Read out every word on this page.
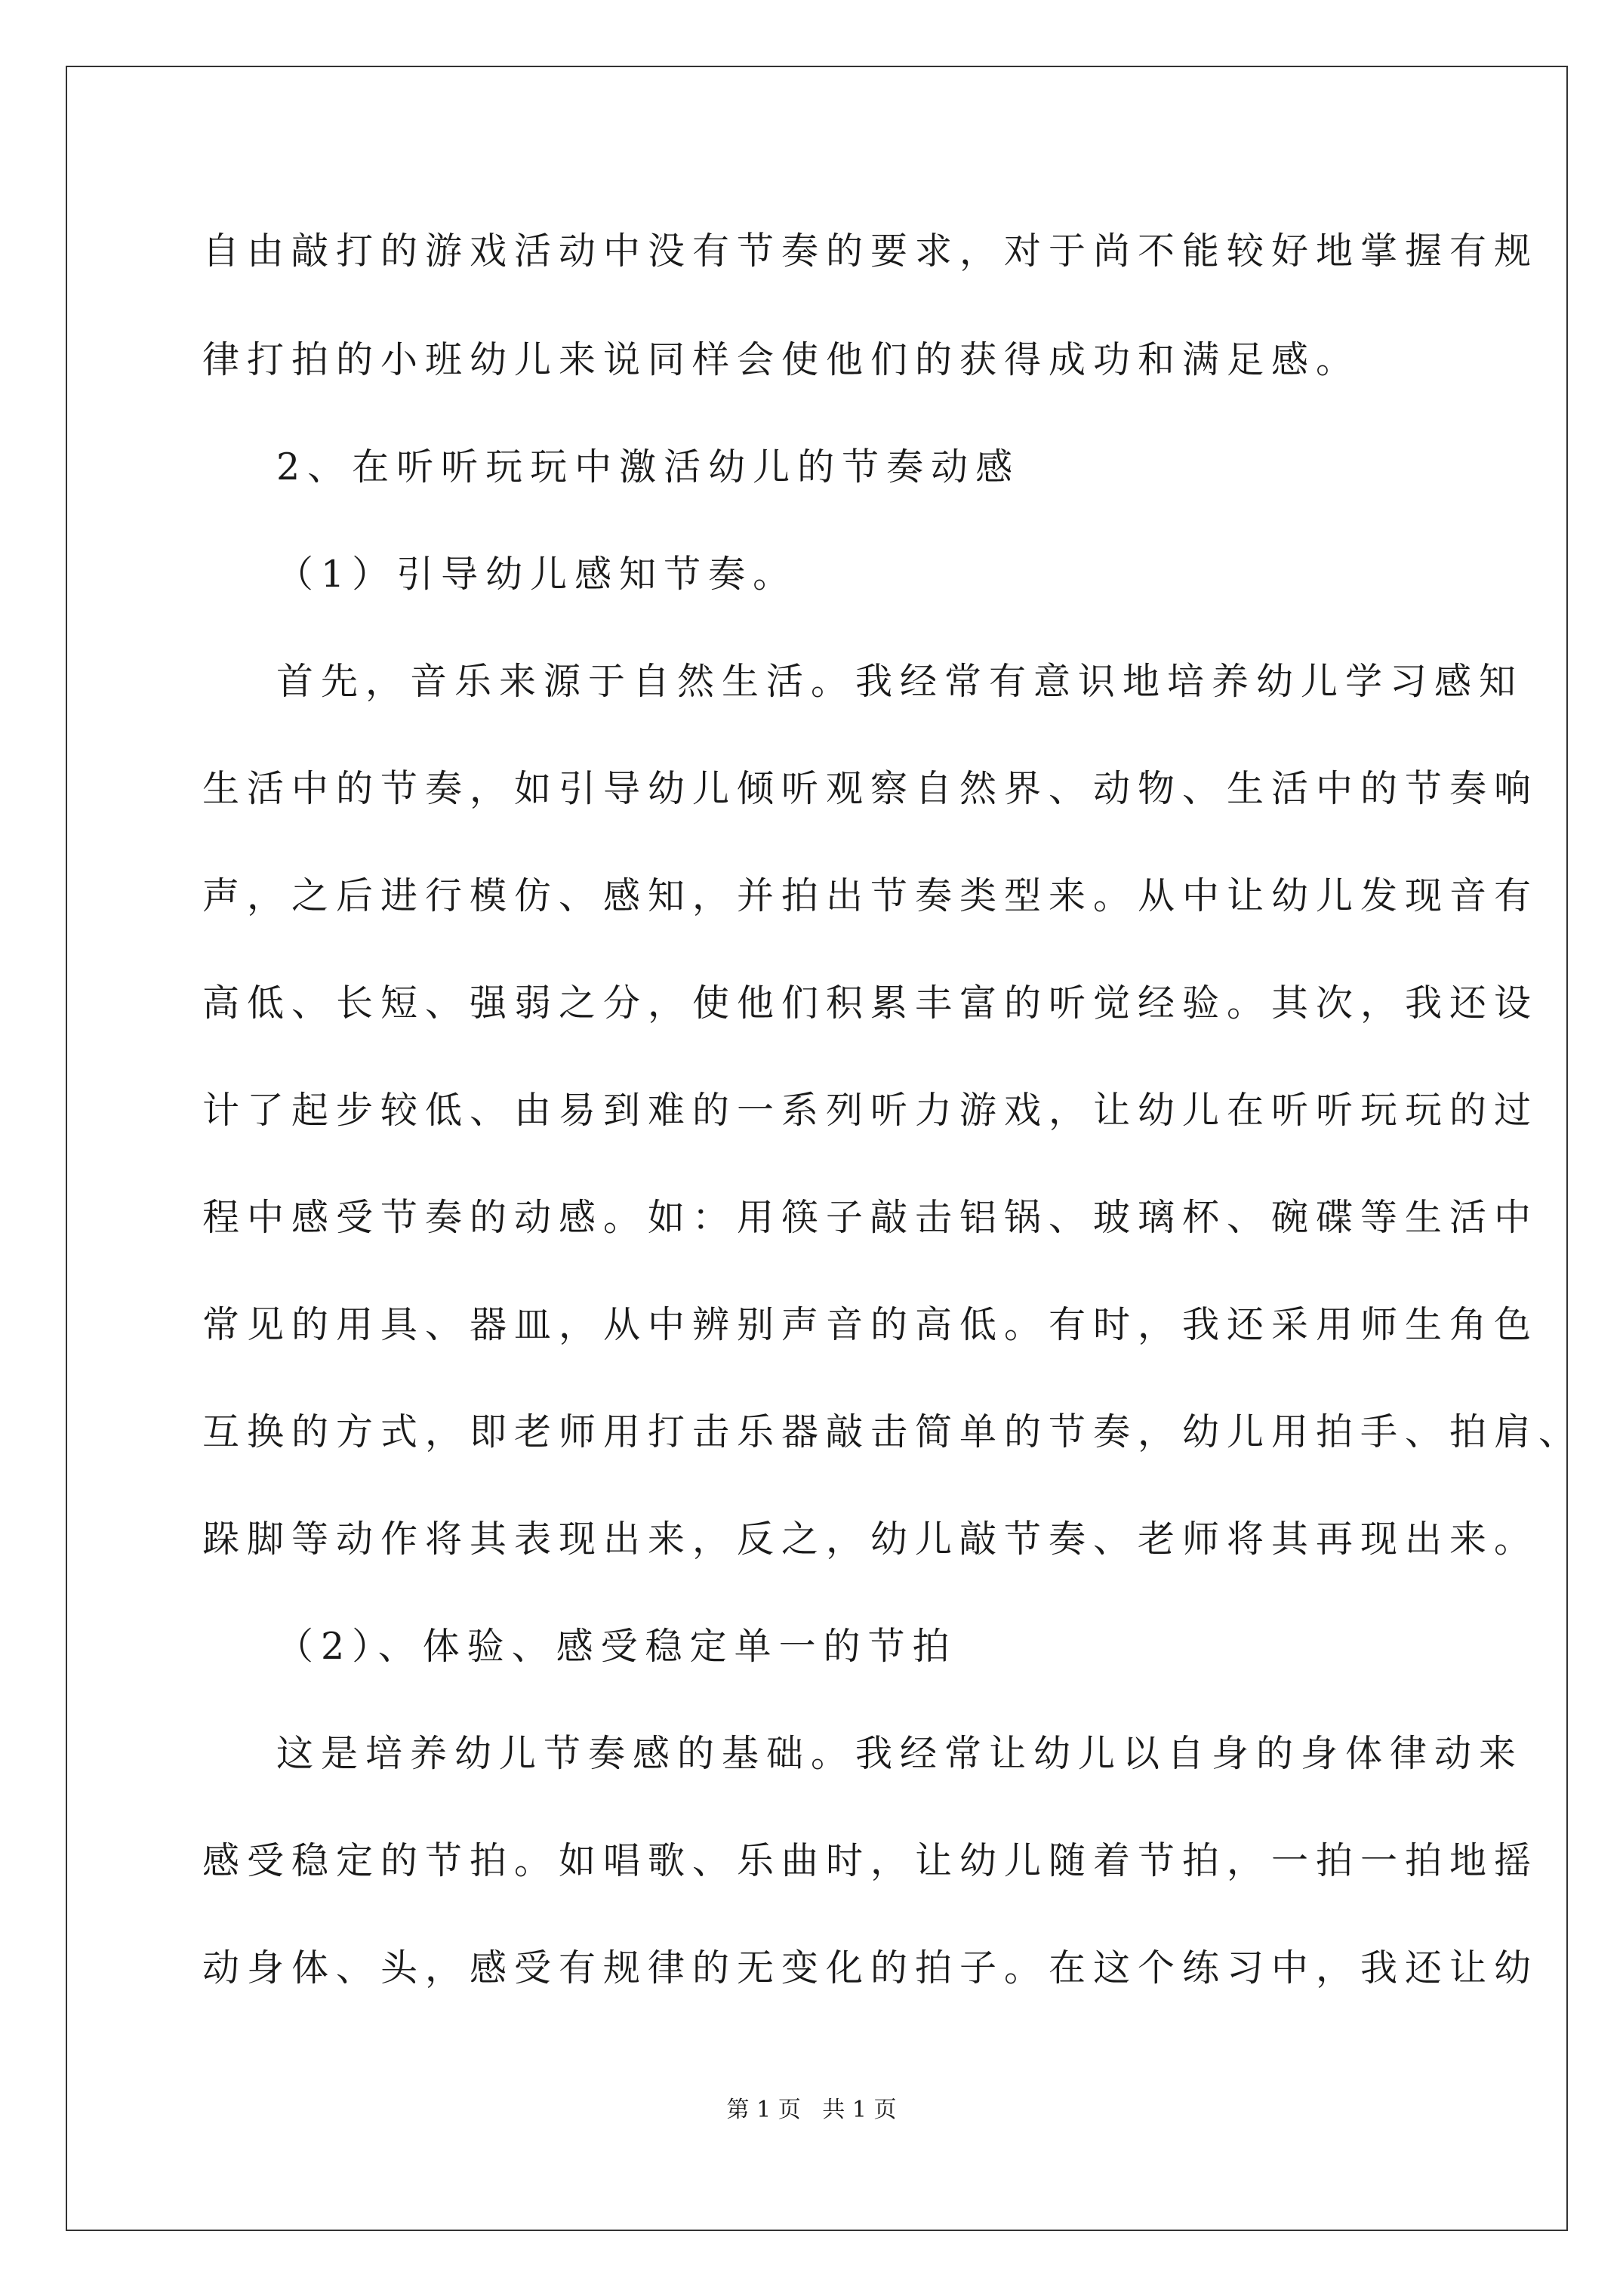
自由敲打的游戏活动中没有节奏的要求，对于尚不能较好地掌握有规

律打拍的小班幼儿来说同样会使他们的获得成功和满足感。

2、在听听玩玩中激活幼儿的节奏动感

（1）引导幼儿感知节奏。

首先，音乐来源于自然生活。我经常有意识地培养幼儿学习感知

生活中的节奏，如引导幼儿倾听观察自然界、动物、生活中的节奏响

声，之后进行模仿、感知，并拍出节奏类型来。从中让幼儿发现音有

高低、长短、强弱之分，使他们积累丰富的听觉经验。其次，我还设

计了起步较低、由易到难的一系列听力游戏，让幼儿在听听玩玩的过

程中感受节奏的动感。如：用筷子敲击铝锅、玻璃杯、碗碟等生活中

常见的用具、器皿，从中辨别声音的高低。有时，我还采用师生角色

互换的方式，即老师用打击乐器敲击简单的节奏，幼儿用拍手、拍肩、

跺脚等动作将其表现出来，反之，幼儿敲节奏、老师将其再现出来。

（2）、体验、感受稳定单一的节拍

这是培养幼儿节奏感的基础。我经常让幼儿以自身的身体律动来

感受稳定的节拍。如唱歌、乐曲时，让幼儿随着节拍，一拍一拍地摇

动身体、头，感受有规律的无变化的拍子。在这个练习中，我还让幼

第 1 页   共 1 页
